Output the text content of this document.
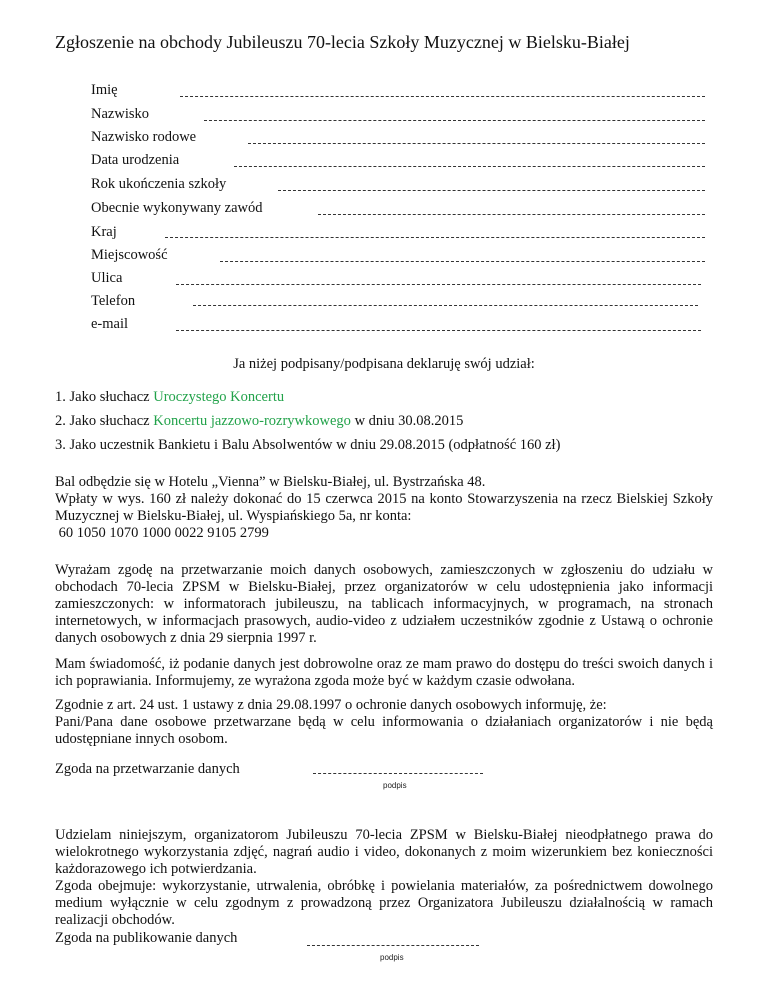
Zgłoszenie na obchody Jubileuszu 70-lecia Szkoły Muzycznej w Bielsku-Białej
Imię
Nazwisko
Nazwisko rodowe
Data urodzenia
Rok ukończenia szkoły
Obecnie wykonywany zawód
Kraj
Miejscowość
Ulica
Telefon
e-mail
Ja niżej podpisany/podpisana deklaruję swój udział:
1. Jako słuchacz Uroczystego Koncertu
2. Jako słuchacz Koncertu jazzowo-rozrywkowego w dniu 30.08.2015
3. Jako uczestnik Bankietu i Balu Absolwentów w dniu 29.08.2015 (odpłatność 160 zł)
Bal odbędzie się w Hotelu „Vienna” w Bielsku-Białej, ul. Bystrzańska 48.
Wpłaty w wys. 160 zł należy dokonać do 15 czerwca 2015 na konto Stowarzyszenia na rzecz Bielskiej Szkoły Muzycznej w Bielsku-Białej, ul. Wyspiańskiego 5a, nr konta:
60 1050 1070 1000 0022 9105 2799
Wyrażam zgodę na przetwarzanie moich danych osobowych, zamieszczonych w zgłoszeniu do udziału w obchodach 70-lecia ZPSM w Bielsku-Białej, przez organizatorów w celu udostępnienia jako informacji zamieszczonych: w informatorach jubileuszu, na tablicach informacyjnych, w programach, na stronach internetowych, w informacjach prasowych, audio-video z udziałem uczestników zgodnie z Ustawą o ochronie danych osobowych z dnia 29 sierpnia 1997 r.
Mam świadomość, iż podanie danych jest dobrowolne oraz ze mam prawo do dostępu do treści swoich danych i ich poprawiania. Informujemy, ze wyrażona zgoda może być w każdym czasie odwołana.
Zgodnie z art. 24 ust. 1 ustawy z dnia 29.08.1997 o ochronie danych osobowych informuję, że:
Pani/Pana dane osobowe przetwarzane będą w celu informowania o działaniach organizatorów i nie będą udostępniane innych osobom.
Zgoda na przetwarzanie danych
podpis
Udzielam niniejszym, organizatorom Jubileuszu 70-lecia ZPSM w Bielsku-Białej nieodpłatnego prawa do wielokrotnego wykorzystania zdjęć, nagrań audio i video, dokonanych z moim wizerunkiem bez konieczności każdorazowego ich potwierdzania.
Zgoda obejmuje: wykorzystanie, utrwalenia, obróbkę i powielania materiałów, za pośrednictwem dowolnego medium wyłącznie w celu zgodnym z prowadzoną przez Organizatora Jubileuszu działalnością w ramach realizacji obchodów.
Zgoda na publikowanie danych
podpis
